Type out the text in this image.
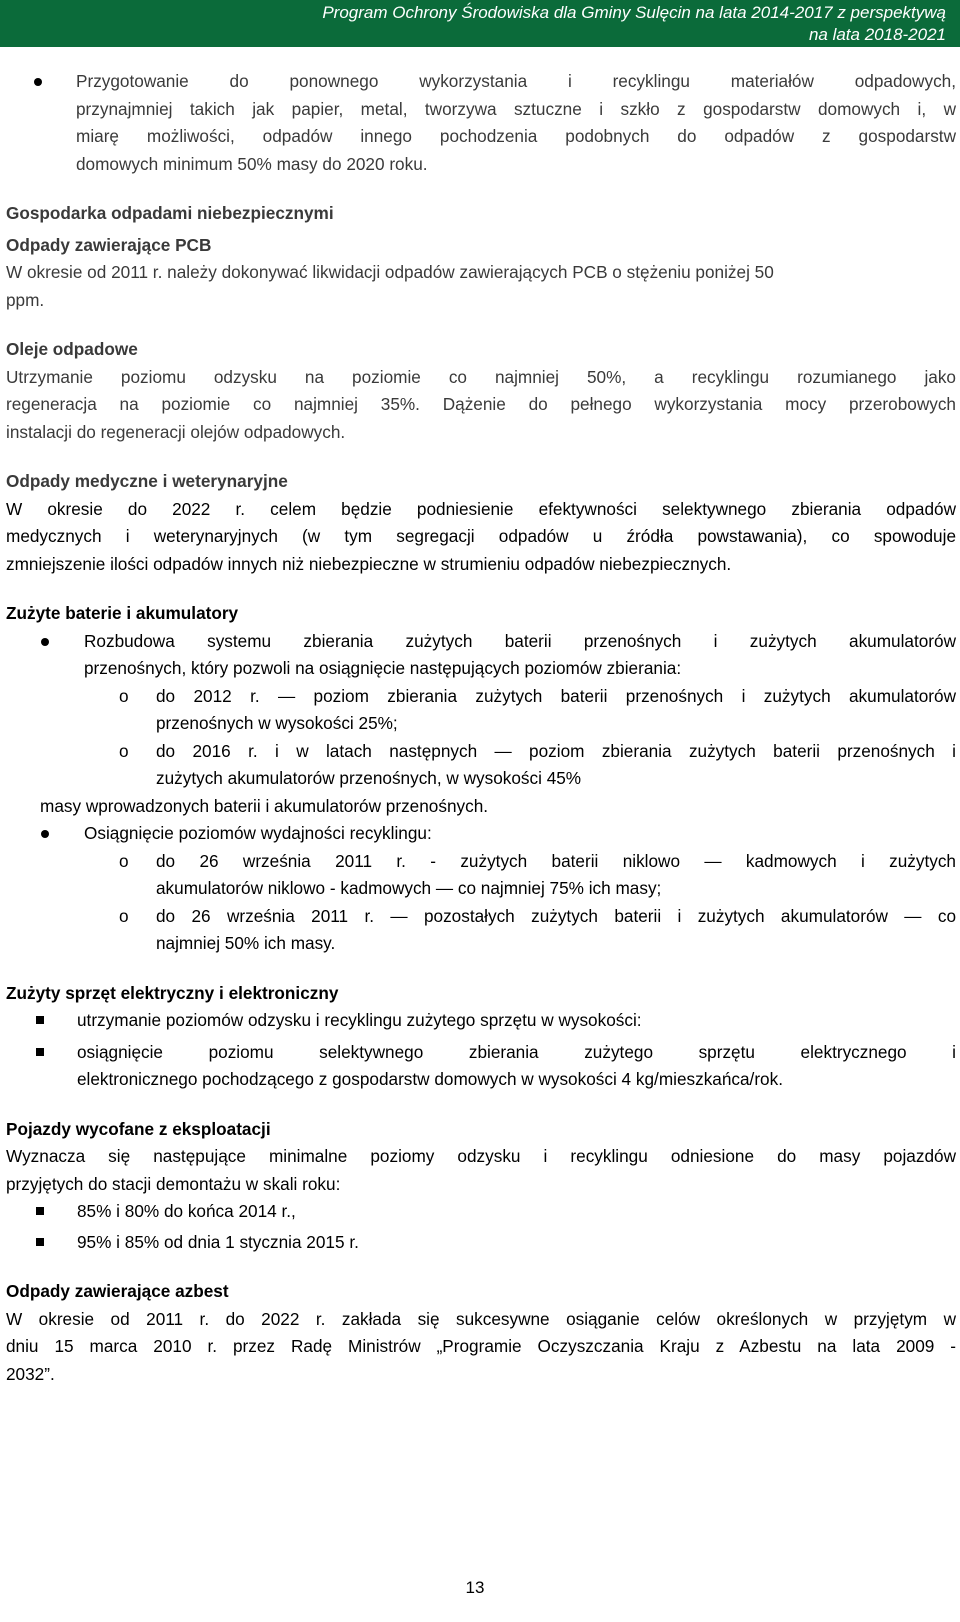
Program Ochrony Środowiska dla Gminy Sulęcin na lata 2014-2017 z perspektywą
na lata 2018-2021
Przygotowanie do ponownego wykorzystania i recyklingu materiałów odpadowych,
przynajmniej takich jak papier, metal, tworzywa sztuczne i szkło z gospodarstw domowych i, w
miarę możliwości, odpadów innego pochodzenia podobnych do odpadów z gospodarstw
domowych minimum 50% masy do 2020 roku.
Gospodarka odpadami niebezpiecznymi
Odpady zawierające PCB
W okresie od 2011 r. należy dokonywać likwidacji odpadów zawierających PCB o stężeniu poniżej 50
ppm.
Oleje odpadowe
Utrzymanie poziomu odzysku na poziomie co najmniej 50%, a recyklingu rozumianego jako
regeneracja na poziomie co najmniej 35%. Dążenie do pełnego wykorzystania mocy przerobowych
instalacji do regeneracji olejów odpadowych.
Odpady medyczne i weterynaryjne
W okresie do 2022 r. celem będzie podniesienie efektywności selektywnego zbierania odpadów
medycznych i weterynaryjnych (w tym segregacji odpadów u źródła powstawania), co spowoduje
zmniejszenie ilości odpadów innych niż niebezpieczne w strumieniu odpadów niebezpiecznych.
Zużyte baterie i akumulatory
Rozbudowa systemu zbierania zużytych baterii przenośnych i zużytych akumulatorów
przenośnych, który pozwoli na osiągnięcie następujących poziomów zbierania:
o do 2012 r. — poziom zbierania zużytych baterii przenośnych i zużytych akumulatorów
przenośnych w wysokości 25%;
o do 2016 r. i w latach następnych — poziom zbierania zużytych baterii przenośnych i
zużytych akumulatorów przenośnych, w wysokości 45%
masy wprowadzonych baterii i akumulatorów przenośnych.
Osiągnięcie poziomów wydajności recyklingu:
o do 26 września 2011 r. - zużytych baterii niklowo — kadmowych i zużytych
akumulatorów niklowo - kadmowych — co najmniej 75% ich masy;
o do 26 września 2011 r. — pozostałych zużytych baterii i zużytych akumulatorów — co
najmniej 50% ich masy.
Zużyty sprzęt elektryczny i elektroniczny
utrzymanie poziomów odzysku i recyklingu zużytego sprzętu w wysokości:
osiągnięcie poziomu selektywnego zbierania zużytego sprzętu elektrycznego i
elektronicznego pochodzącego z gospodarstw domowych w wysokości 4 kg/mieszkańca/rok.
Pojazdy wycofane z eksploatacji
Wyznacza się następujące minimalne poziomy odzysku i recyklingu odniesione do masy pojazdów
przyjętych do stacji demontażu w skali roku:
85% i 80% do końca 2014 r.,
95% i 85% od dnia 1 stycznia 2015 r.
Odpady zawierające azbest
W okresie od 2011 r. do 2022 r. zakłada się sukcesywne osiąganie celów określonych w przyjętym w
dniu 15 marca 2010 r. przez Radę Ministrów „Programie Oczyszczania Kraju z Azbestu na lata 2009 -
2032”.
13
